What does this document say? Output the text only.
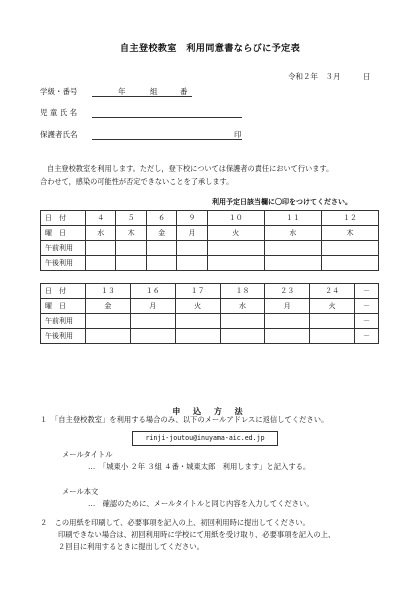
自主登校教室　利用同意書ならびに予定表
令和２年　３月　　　日
学級・番号	年	組	番
児 童 氏 名
保護者氏名	印
自主登校教室を利用します。ただし，登下校については保護者の責任において行います。
合わせて，感染の可能性が否定できないことを了承します。
利用予定日該当欄に〇印をつけてください。
日　付	４	５	６	９	１０	１１	１２
曜　日	水	木	金	月	火	水	木
午前利用							
午後利用							
日　付	１３	１６	１７	１８	２３	２４	－
曜　日	金	月	火	水	月	火	－
午前利用							－
午後利用							－
申 込 方 法
１　「自主登校教室」を利用する場合のみ、以下のメールアドレスに返信してください。
rinji-joutou@inuyama-aic.ed.jp
メールタイトル
…　「城東小 ２年 ３組 ４番・城東太郎　利用します」と記入する。
メール本文
…　確認のために、メールタイトルと同じ内容を入力してください。
２　この用紙を印刷して、必要事項を記入の上、初回利用時に提出してください。
印刷できない場合は、初回利用時に学校にて用紙を受け取り、必要事項を記入の上、
２回目に利用するときに提出してください。
